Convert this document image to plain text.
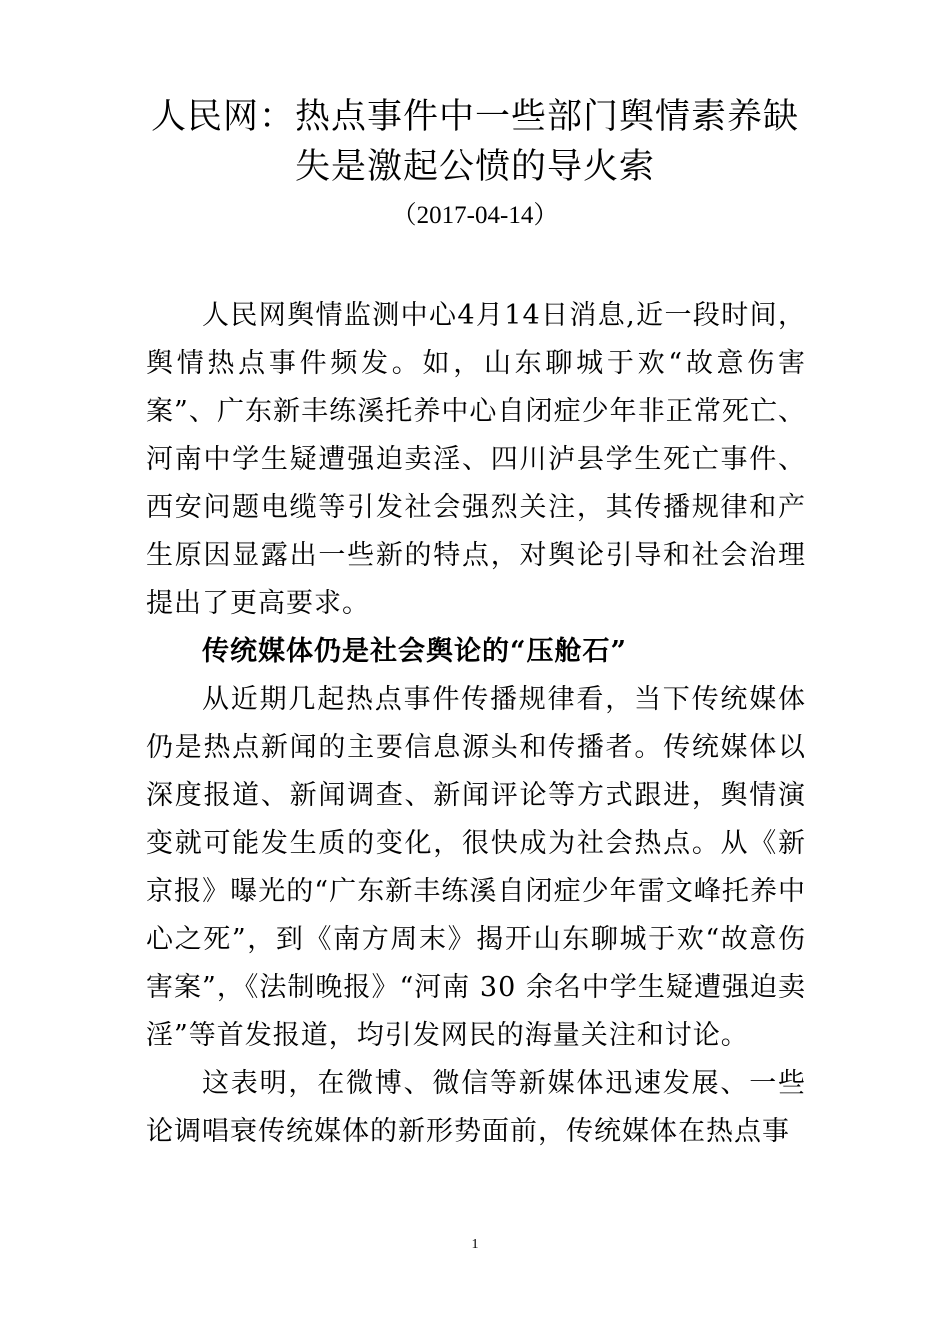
人民网：热点事件中一些部门舆情素养缺
失是激起公愤的导火索
（2017-04-14）

人民网舆情监测中心4月14日消息,近一段时间，舆情热点事件频发。如，山东聊城于欢“故意伤害案”、广东新丰练溪托养中心自闭症少年非正常死亡、河南中学生疑遭强迫卖淫、四川泸县学生死亡事件、西安问题电缆等引发社会强烈关注，其传播规律和产生原因显露出一些新的特点，对舆论引导和社会治理提出了更高要求。

传统媒体仍是社会舆论的“压舱石”

从近期几起热点事件传播规律看，当下传统媒体仍是热点新闻的主要信息源头和传播者。传统媒体以深度报道、新闻调查、新闻评论等方式跟进，舆情演变就可能发生质的变化，很快成为社会热点。从《新京报》曝光的“广东新丰练溪自闭症少年雷文峰托养中心之死”，到《南方周末》揭开山东聊城于欢“故意伤害案”，《法制晚报》“河南 30 余名中学生疑遭强迫卖淫”等首发报道，均引发网民的海量关注和讨论。

这表明，在微博、微信等新媒体迅速发展、一些论调唱衰传统媒体的新形势面前，传统媒体在热点事

1
